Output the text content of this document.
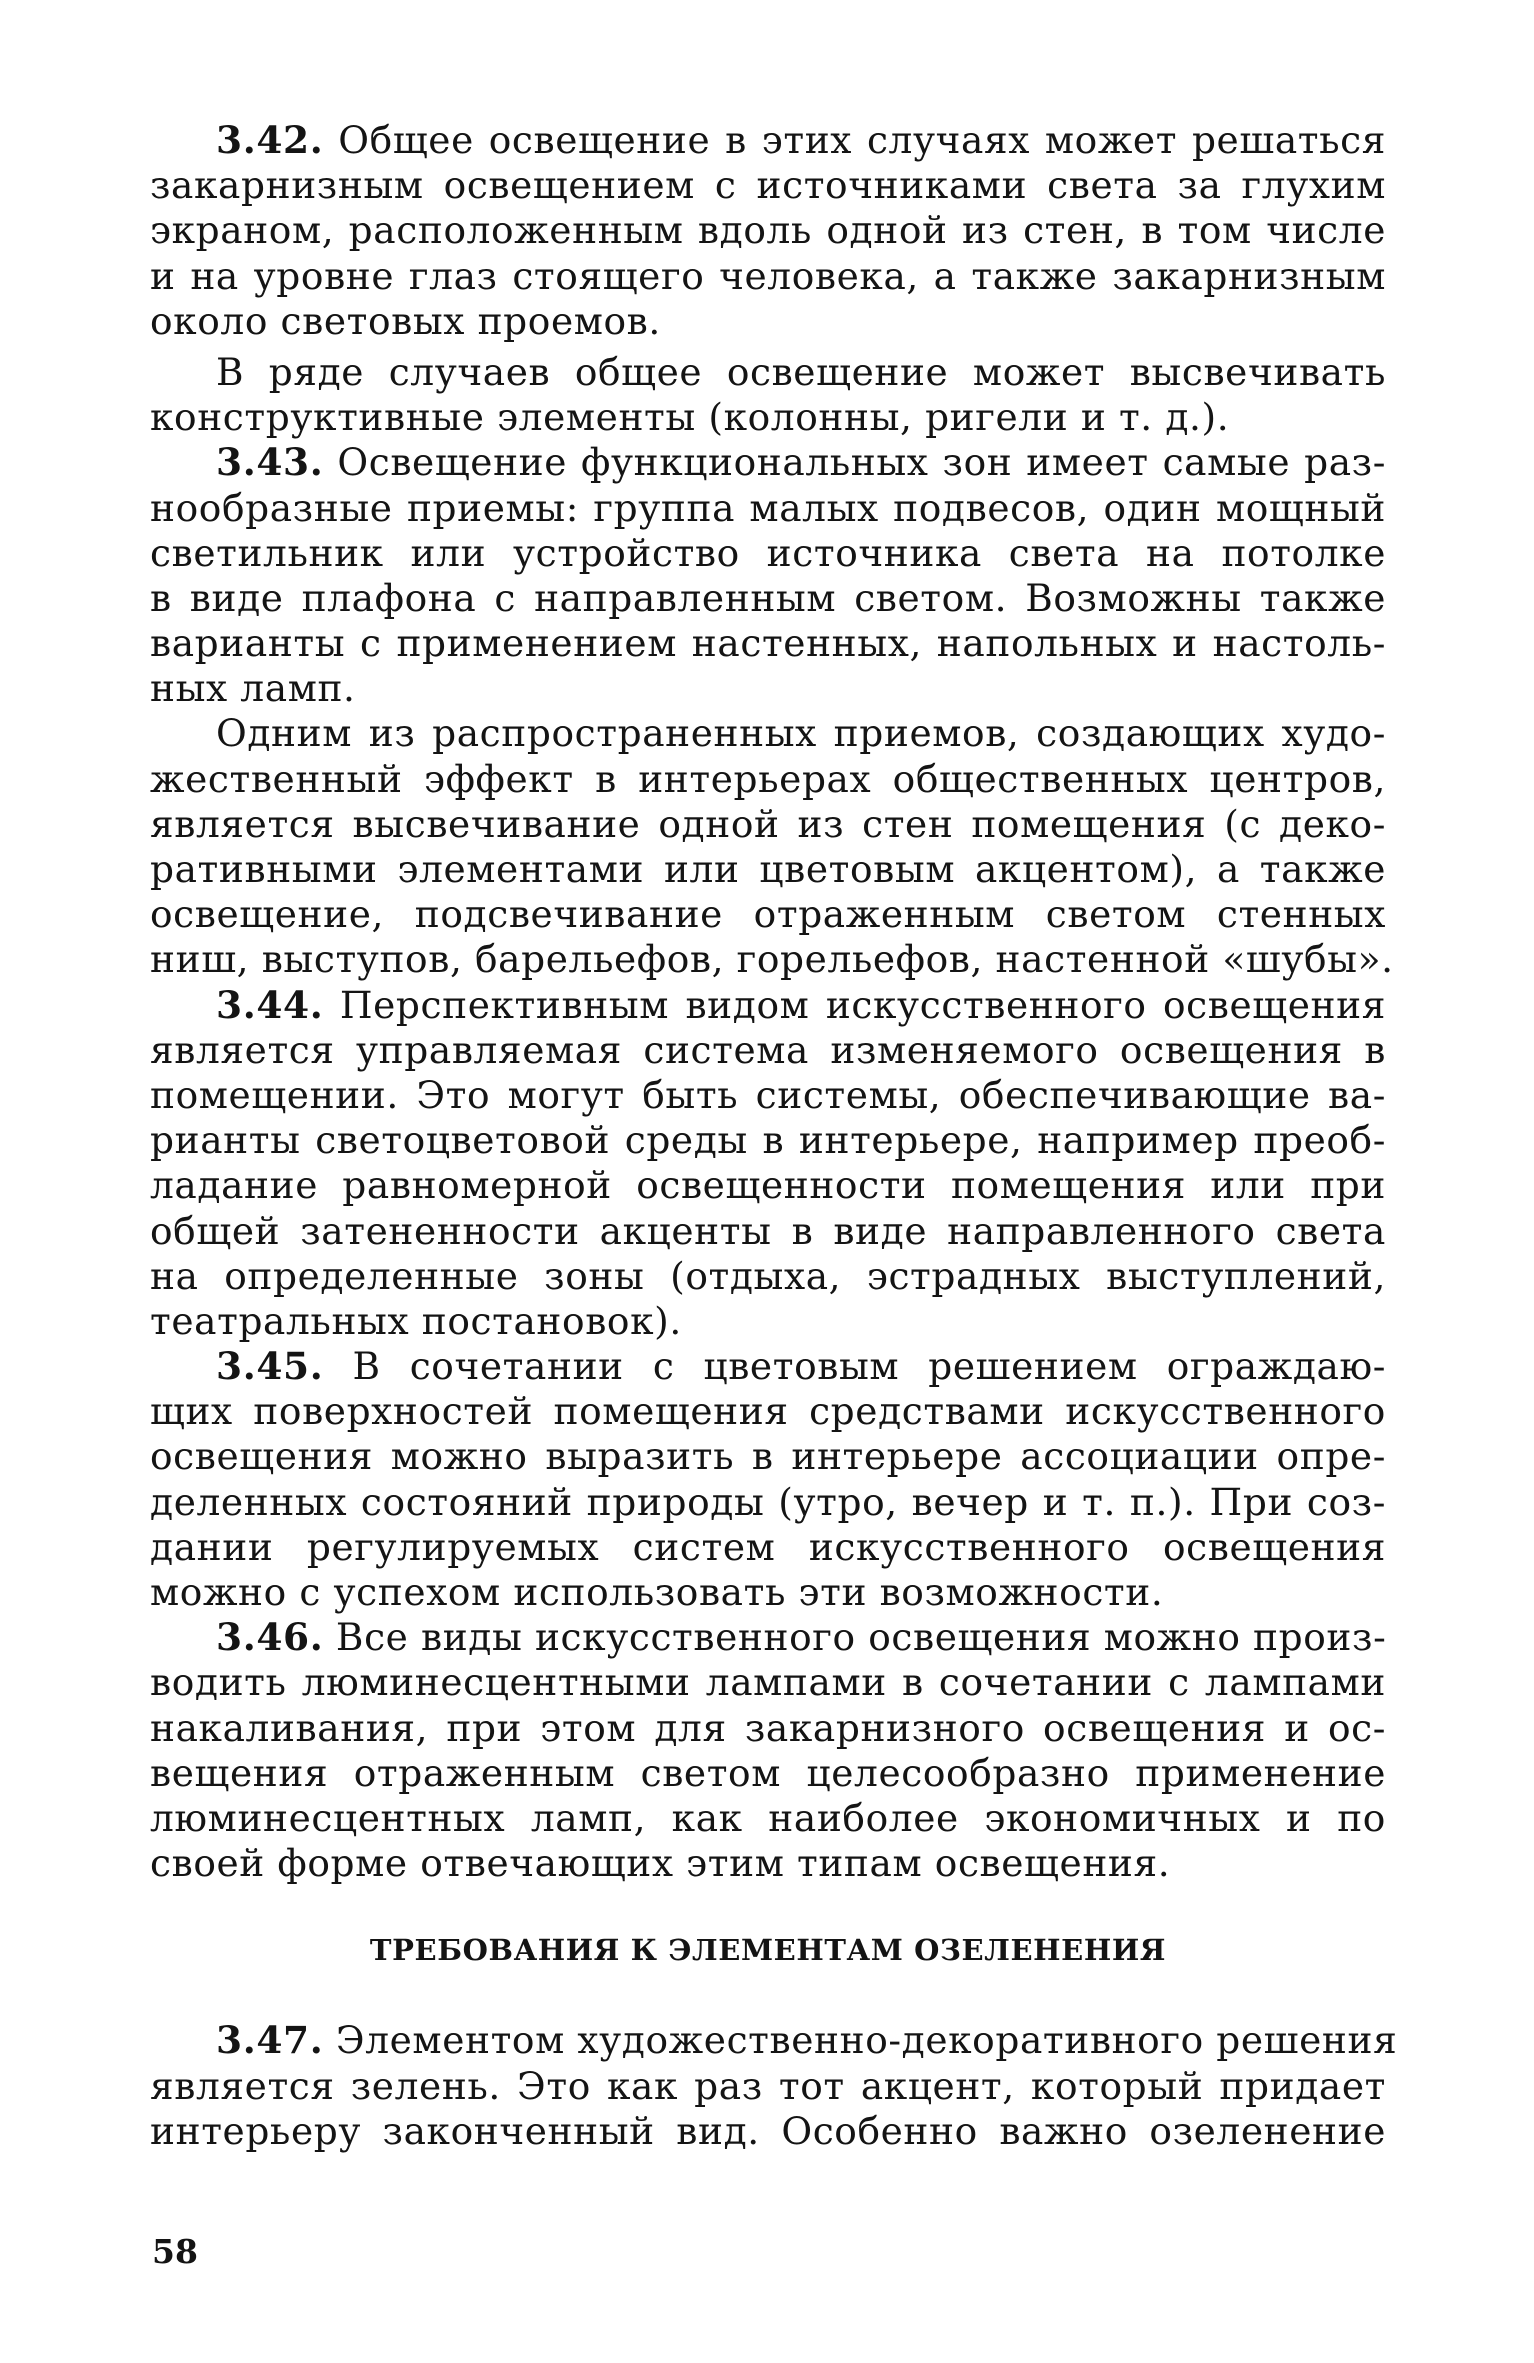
3.42. Общее освещение в этих случаях может решаться
закарнизным освещением с источниками света за глухим
экраном, расположенным вдоль одной из стен, в том числе
и на уровне глаз стоящего человека, а также закарнизным
около световых проемов.
В ряде случаев общее освещение может высвечивать
конструктивные элементы (колонны, ригели и т. д.).
3.43. Освещение функциональных зон имеет самые раз-
нообразные приемы: группа малых подвесов, один мощный
светильник или устройство источника света на потолке
в виде плафона с направленным светом. Возможны также
варианты с применением настенных, напольных и настоль-
ных ламп.
Одним из распространенных приемов, создающих худо-
жественный эффект в интерьерах общественных центров,
является высвечивание одной из стен помещения (с деко-
ративными элементами или цветовым акцентом), а также
освещение, подсвечивание отраженным светом стенных
ниш, выступов, барельефов, горельефов, настенной «шубы».
3.44. Перспективным видом искусственного освещения
является управляемая система изменяемого освещения в
помещении. Это могут быть системы, обеспечивающие ва-
рианты светоцветовой среды в интерьере, например преоб-
ладание равномерной освещенности помещения или при
общей затененности акценты в виде направленного света
на определенные зоны (отдыха, эстрадных выступлений,
театральных постановок).
3.45. В сочетании с цветовым решением ограждаю-
щих поверхностей помещения средствами искусственного
освещения можно выразить в интерьере ассоциации опре-
деленных состояний природы (утро, вечер и т. п.). При соз-
дании регулируемых систем искусственного освещения
можно с успехом использовать эти возможности.
3.46. Все виды искусственного освещения можно произ-
водить люминесцентными лампами в сочетании с лампами
накаливания, при этом для закарнизного освещения и ос-
вещения отраженным светом целесообразно применение
люминесцентных ламп, как наиболее экономичных и по
своей форме отвечающих этим типам освещения.
ТРЕБОВАНИЯ К ЭЛЕМЕНТАМ ОЗЕЛЕНЕНИЯ
3.47. Элементом художественно-декоративного решения
является зелень. Это как раз тот акцент, который придает
интерьеру законченный вид. Особенно важно озеленение
58
